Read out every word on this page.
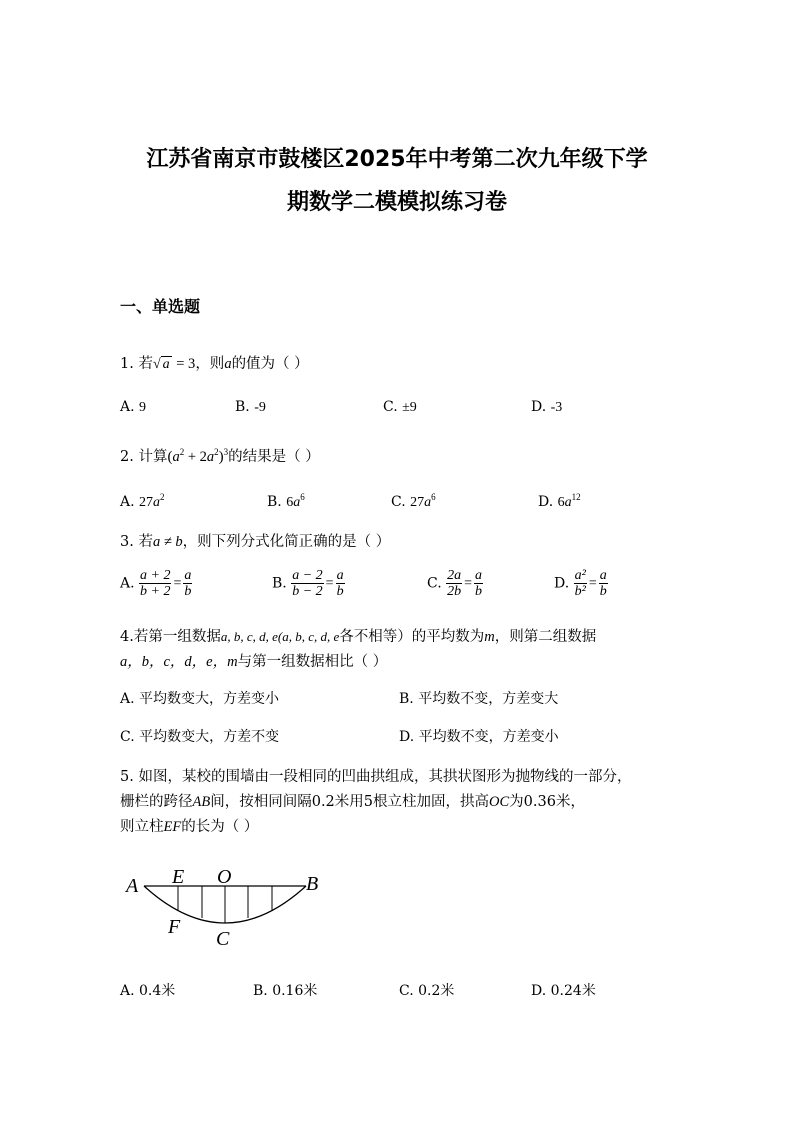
江苏省南京市鼓楼区2025年中考第二次九年级下学
期数学二模模拟练习卷
一、单选题
1. 若√ a = 3，则a的值为（ ）
A. 9	B. -9	C. ±9	D. -3
2. 计算$(a^2 + 2a^2)^3$的结果是（ ）
A. $27a^2$	B. $6a^6$	C. $27a^6$	D. $6a^{12}$
3. 若a ≠ b，则下列分式化简正确的是（ ）
A. $\frac{a + 2}{b + 2} = \frac{a}{b}$	B. $\frac{a - 2}{b - 2} = \frac{a}{b}$	C. $\frac{2a}{2b} = \frac{a}{b}$	D. $\frac{\text{a²}}{\text{b²}} = \frac{a}{b}$
4.若第一组数据a, b, c, d, e(a, b, c, d, e各不相等）的平均数为m，则第二组数据
a，b，c，d，e，m与第一组数据相比（ ）
A. 平均数变大，方差变小	B. 平均数不变，方差变大
C. 平均数变大，方差不变	D. 平均数不变，方差变小
5. 如图，某校的围墙由一段相同的凹曲拱组成，其拱状图形为抛物线的一部分，
栅栏的跨径AB间，按相同间隔0.2米用5根立柱加固，拱高OC为0.36米，
则立柱EF的长为（ ）
A	B
E O
F
C
A. 0.4米	B. 0.16米	C. 0.2米	D. 0.24米
